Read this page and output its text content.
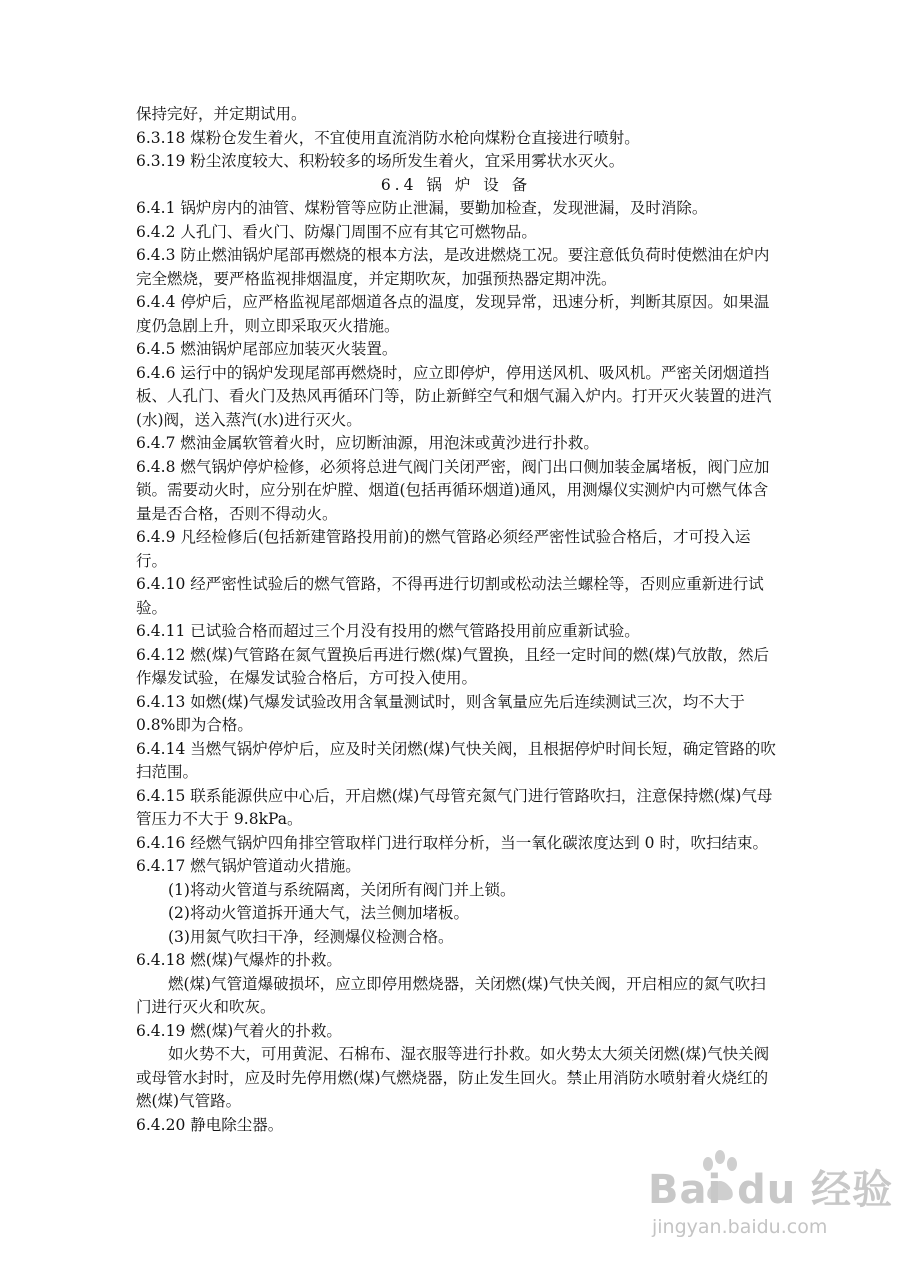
保持完好，并定期试用。

6.3.18 煤粉仓发生着火，不宜使用直流消防水枪向煤粉仓直接进行喷射。

6.3.19 粉尘浓度较大、积粉较多的场所发生着火，宜采用雾状水灭火。

6.4 锅 炉 设 备

6.4.1 锅炉房内的油管、煤粉管等应防止泄漏，要勤加检查，发现泄漏，及时消除。

6.4.2 人孔门、看火门、防爆门周围不应有其它可燃物品。

6.4.3 防止燃油锅炉尾部再燃烧的根本方法，是改进燃烧工况。要注意低负荷时使燃油在炉内完全燃烧，要严格监视排烟温度，并定期吹灰，加强预热器定期冲洗。

6.4.4 停炉后，应严格监视尾部烟道各点的温度，发现异常，迅速分析，判断其原因。如果温度仍急剧上升，则立即采取灭火措施。

6.4.5 燃油锅炉尾部应加装灭火装置。

6.4.6 运行中的锅炉发现尾部再燃烧时，应立即停炉，停用送风机、吸风机。严密关闭烟道挡板、人孔门、看火门及热风再循环门等，防止新鲜空气和烟气漏入炉内。打开灭火装置的进汽(水)阀，送入蒸汽(水)进行灭火。

6.4.7 燃油金属软管着火时，应切断油源，用泡沫或黄沙进行扑救。

6.4.8 燃气锅炉停炉检修，必须将总进气阀门关闭严密，阀门出口侧加装金属堵板，阀门应加锁。需要动火时，应分别在炉膛、烟道(包括再循环烟道)通风，用测爆仪实测炉内可燃气体含量是否合格，否则不得动火。

6.4.9 凡经检修后(包括新建管路投用前)的燃气管路必须经严密性试验合格后，才可投入运行。

6.4.10 经严密性试验后的燃气管路，不得再进行切割或松动法兰螺栓等，否则应重新进行试验。

6.4.11 已试验合格而超过三个月没有投用的燃气管路投用前应重新试验。

6.4.12 燃(煤)气管路在氮气置换后再进行燃(煤)气置换，且经一定时间的燃(煤)气放散，然后作爆发试验，在爆发试验合格后，方可投入使用。

6.4.13 如燃(煤)气爆发试验改用含氧量测试时，则含氧量应先后连续测试三次，均不大于0.8%即为合格。

6.4.14 当燃气锅炉停炉后，应及时关闭燃(煤)气快关阀，且根据停炉时间长短，确定管路的吹扫范围。

6.4.15 联系能源供应中心后，开启燃(煤)气母管充氮气门进行管路吹扫，注意保持燃(煤)气母管压力不大于 9.8kPa。

6.4.16 经燃气锅炉四角排空管取样门进行取样分析，当一氧化碳浓度达到 0 时，吹扫结束。

6.4.17 燃气锅炉管道动火措施。

(1)将动火管道与系统隔离，关闭所有阀门并上锁。

(2)将动火管道拆开通大气，法兰侧加堵板。

(3)用氮气吹扫干净，经测爆仪检测合格。

6.4.18 燃(煤)气爆炸的扑救。

燃(煤)气管道爆破损坏，应立即停用燃烧器，关闭燃(煤)气快关阀，开启相应的氮气吹扫门进行灭火和吹灰。

6.4.19 燃(煤)气着火的扑救。

如火势不大，可用黄泥、石棉布、湿衣服等进行扑救。如火势太大须关闭燃(煤)气快关阀或母管水封时，应及时先停用燃(煤)气燃烧器，防止发生回火。禁止用消防水喷射着火烧红的燃(煤)气管路。

6.4.20 静电除尘器。

Bai du 经验
jingyan.baidu.com
